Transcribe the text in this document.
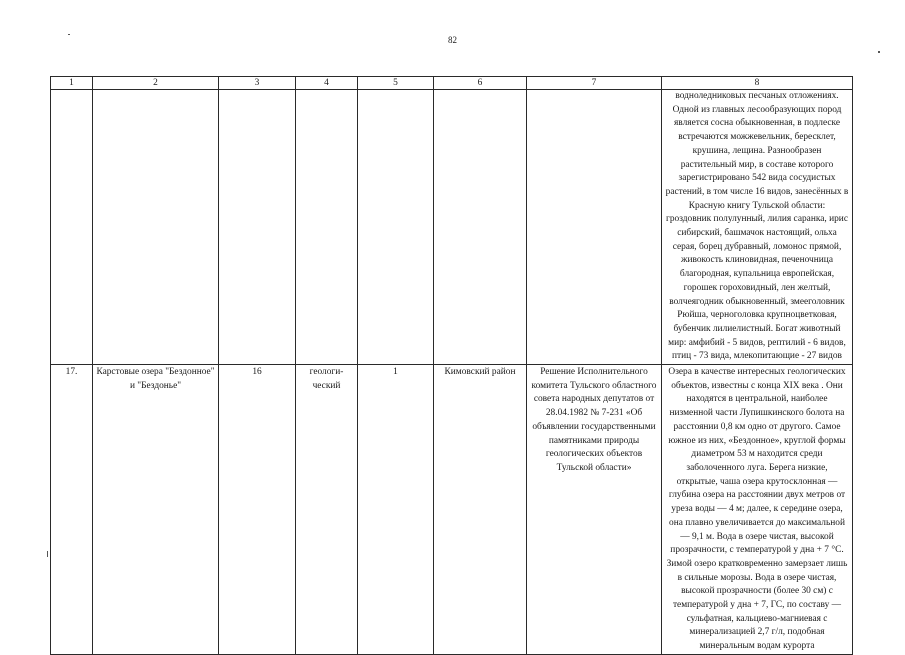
82
1	2	3	4	5	6	7	8
							водноледниковых песчаных отложениях. Одной из главных лесообразующих пород является сосна обыкновенная, в подлеске встречаются можжевельник, бересклет, крушина, лещина. Разнообразен растительный мир, в составе которого зарегистрировано 542 вида сосудистых растений, в том числе 16 видов, занесённых в Красную книгу Тульской области: гроздовник полулунный, лилия саранка, ирис сибирский, башмачок настоящий, ольха серая, борец дубравный, ломонос прямой, живокость клиновидная, печеночница благородная, купальница европейская, горошек гороховидный, лен желтый, волчеягодник обыкновенный, змееголовник Рюйша, черноголовка крупноцветковая, бубенчик лилиелистный. Богат животный мир: амфибий - 5 видов, рептилий - 6 видов, птиц - 73 вида, млекопитающие - 27 видов
17.	Карстовые озера "Бездонное" и "Бездонье"	16	геологи-ческий	1	Кимовский район	Решение Исполнительного комитета Тульского областного совета народных депутатов от 28.04.1982 № 7-231 «Об объявлении государственными памятниками природы геологических объектов Тульской области»	Озера в качестве интересных геологических объектов, известны с конца XIX века . Они находятся в центральной, наиболее низменной части Лупишкинского болота на расстоянии 0,8 км одно от другого. Самое южное из них, «Бездонное», круглой формы диаметром 53 м находится среди заболоченного луга. Берега низкие, открытые, чаша озера крутосклонная — глубина озера на расстоянии двух метров от уреза воды — 4 м; далее, к середине озера, она плавно увеличивается до максимальной — 9,1 м. Вода в озере чистая, высокой прозрачности, с температурой у дна + 7 °С. Зимой озеро кратковременно замерзает лишь в сильные морозы. Вода в озере чистая, высокой прозрачности (более 30 см) с температурой у дна + 7, ГС, по составу — сульфатная, кальциево-магниевая с минерализацией 2,7 г/л, подобная минеральным водам курорта
